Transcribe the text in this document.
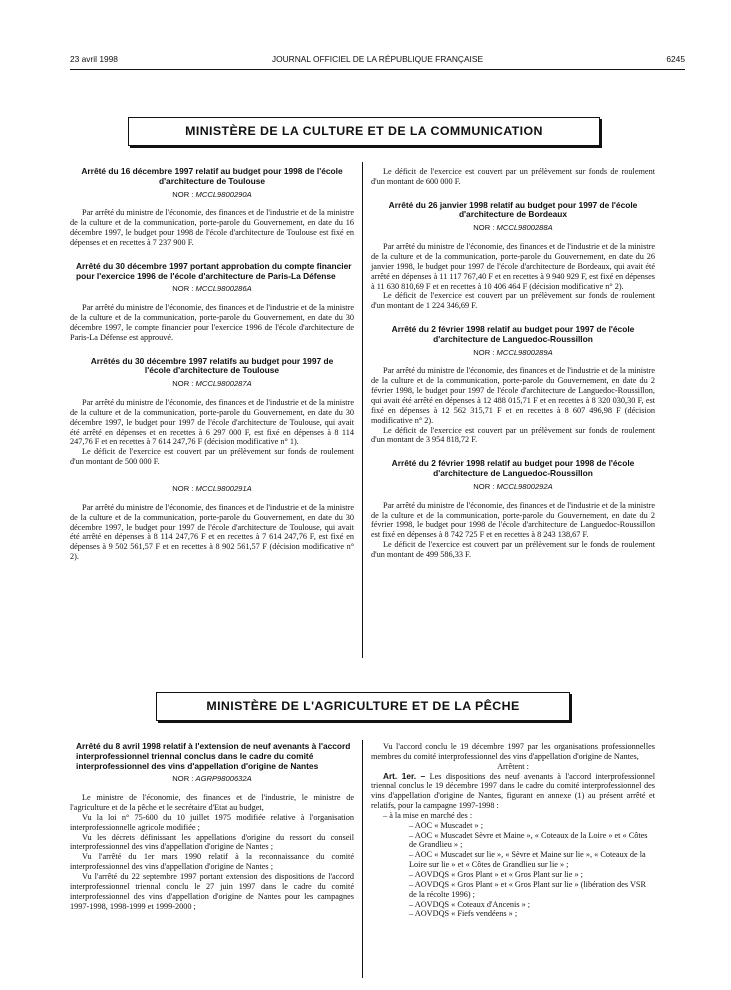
23 avril 1998	JOURNAL OFFICIEL DE LA RÉPUBLIQUE FRANÇAISE	6245
MINISTÈRE DE LA CULTURE ET DE LA COMMUNICATION
Arrêté du 16 décembre 1997 relatif au budget pour 1998 de l'école d'architecture de Toulouse
NOR : MCCL9800290A

Par arrêté du ministre de l'économie, des finances et de l'industrie et de la ministre de la culture et de la communication, porte-parole du Gouvernement, en date du 16 décembre 1997, le budget pour 1998 de l'école d'architecture de Toulouse est fixé en dépenses et en recettes à 7 237 900 F.

Arrêté du 30 décembre 1997 portant approbation du compte financier pour l'exercice 1996 de l'école d'architecture de Paris-La Défense
NOR : MCCL9800286A

Par arrêté du ministre de l'économie, des finances et de l'industrie et de la ministre de la culture et de la communication, porte-parole du Gouvernement, en date du 30 décembre 1997, le compte financier pour l'exercice 1996 de l'école d'architecture de Paris-La Défense est approuvé.

Arrêtés du 30 décembre 1997 relatifs au budget pour 1997 de l'école d'architecture de Toulouse
NOR : MCCL9800287A

Par arrêté du ministre de l'économie, des finances et de l'industrie et de la ministre de la culture et de la communication, porte-parole du Gouvernement, en date du 30 décembre 1997, le budget pour 1997 de l'école d'architecture de Toulouse, qui avait été arrêté en dépenses et en recettes à 6 297 000 F, est fixé en dépenses à 8 114 247,76 F et en recettes à 7 614 247,76 F (décision modificative n° 1).

Le déficit de l'exercice est couvert par un prélèvement sur fonds de roulement d'un montant de 500 000 F.

NOR : MCCL9800291A

Par arrêté du ministre de l'économie, des finances et de l'industrie et de la ministre de la culture et de la communication, porte-parole du Gouvernement, en date du 30 décembre 1997, le budget pour 1997 de l'école d'architecture de Toulouse, qui avait été arrêté en dépenses à 8 114 247,76 F et en recettes à 7 614 247,76 F, est fixé en dépenses à 9 502 561,57 F et en recettes à 8 902 561,57 F (décision modificative n° 2).

Le déficit de l'exercice est couvert par un prélèvement sur fonds de roulement d'un montant de 600 000 F.

Arrêté du 26 janvier 1998 relatif au budget pour 1997 de l'école d'architecture de Bordeaux
NOR : MCCL9800288A

Par arrêté du ministre de l'économie, des finances et de l'industrie et de la ministre de la culture et de la communication, porte-parole du Gouvernement, en date du 26 janvier 1998, le budget pour 1997 de l'école d'architecture de Bordeaux, qui avait été arrêté en dépenses à 11 117 767,40 F et en recettes à 9 940 929 F, est fixé en dépenses à 11 630 810,69 F et en recettes à 10 406 464 F (décision modificative n° 2).

Le déficit de l'exercice est couvert par un prélèvement sur fonds de roulement d'un montant de 1 224 346,69 F.

Arrêté du 2 février 1998 relatif au budget pour 1997 de l'école d'architecture de Languedoc-Roussillon
NOR : MCCL9800289A

Par arrêté du ministre de l'économie, des finances et de l'industrie et de la ministre de la culture et de la communication, porte-parole du Gouvernement, en date du 2 février 1998, le budget pour 1997 de l'école d'architecture de Languedoc-Roussillon, qui avait été arrêté en dépenses à 12 488 015,71 F et en recettes à 8 320 030,30 F, est fixé en dépenses à 12 562 315,71 F et en recettes à 8 607 496,98 F (décision modificative n° 2).

Le déficit de l'exercice est couvert par un prélèvement sur fonds de roulement d'un montant de 3 954 818,72 F.

Arrêté du 2 février 1998 relatif au budget pour 1998 de l'école d'architecture de Languedoc-Roussillon
NOR : MCCL9800292A

Par arrêté du ministre de l'économie, des finances et de l'industrie et de la ministre de la culture et de la communication, porte-parole du Gouvernement, en date du 2 février 1998, le budget pour 1998 de l'école d'architecture de Languedoc-Roussillon est fixé en dépenses à 8 742 725 F et en recettes à 8 243 138,67 F.

Le déficit de l'exercice est couvert par un prélèvement sur le fonds de roulement d'un montant de 499 586,33 F.

MINISTÈRE DE L'AGRICULTURE ET DE LA PÊCHE
Arrêté du 8 avril 1998 relatif à l'extension de neuf avenants à l'accord interprofessionnel triennal conclus dans le cadre du comité interprofessionnel des vins d'appellation d'origine de Nantes
NOR : AGRP9800632A

Le ministre de l'économie, des finances et de l'industrie, le ministre de l'agriculture et de la pêche et le secrétaire d'Etat au budget,

Vu la loi n° 75-600 du 10 juillet 1975 modifiée relative à l'organisation interprofessionnelle agricole modifiée ;

Vu les décrets définissant les appellations d'origine du ressort du conseil interprofessionnel des vins d'appellation d'origine de Nantes ;

Vu l'arrêté du 1er mars 1990 relatif à la reconnaissance du comité interprofessionnel des vins d'appellation d'origine de Nantes ;

Vu l'arrêté du 22 septembre 1997 portant extension des dispositions de l'accord interprofessionnel triennal conclu le 27 juin 1997 dans le cadre du comité interprofessionnel des vins d'appellation d'origine de Nantes pour les campagnes 1997-1998, 1998-1999 et 1999-2000 ;

Vu l'accord conclu le 19 décembre 1997 par les organisations professionnelles membres du comité interprofessionnel des vins d'appellation d'origine de Nantes,

Arrêtent :

Art. 1er. – Les dispositions des neuf avenants à l'accord interprofessionnel triennal conclus le 19 décembre 1997 dans le cadre du comité interprofessionnel des vins d'appellation d'origine de Nantes, figurant en annexe (1) au présent arrêté et relatifs, pour la campagne 1997-1998 :

– à la mise en marché des :

– AOC « Muscadet » ;

– AOC « Muscadet Sèvre et Maine », « Coteaux de la Loire » et « Côtes de Grandlieu » ;

– AOC « Muscadet sur lie », « Sèvre et Maine sur lie », « Coteaux de la Loire sur lie » et « Côtes de Grandlieu sur lie » ;

– AOVDQS « Gros Plant » et « Gros Plant sur lie » ;

– AOVDQS « Gros Plant » et « Gros Plant sur lie » (libération des VSR de la récolte 1996) ;

– AOVDQS « Coteaux d'Ancenis » ;

– AOVDQS « Fiefs vendéens » ;
